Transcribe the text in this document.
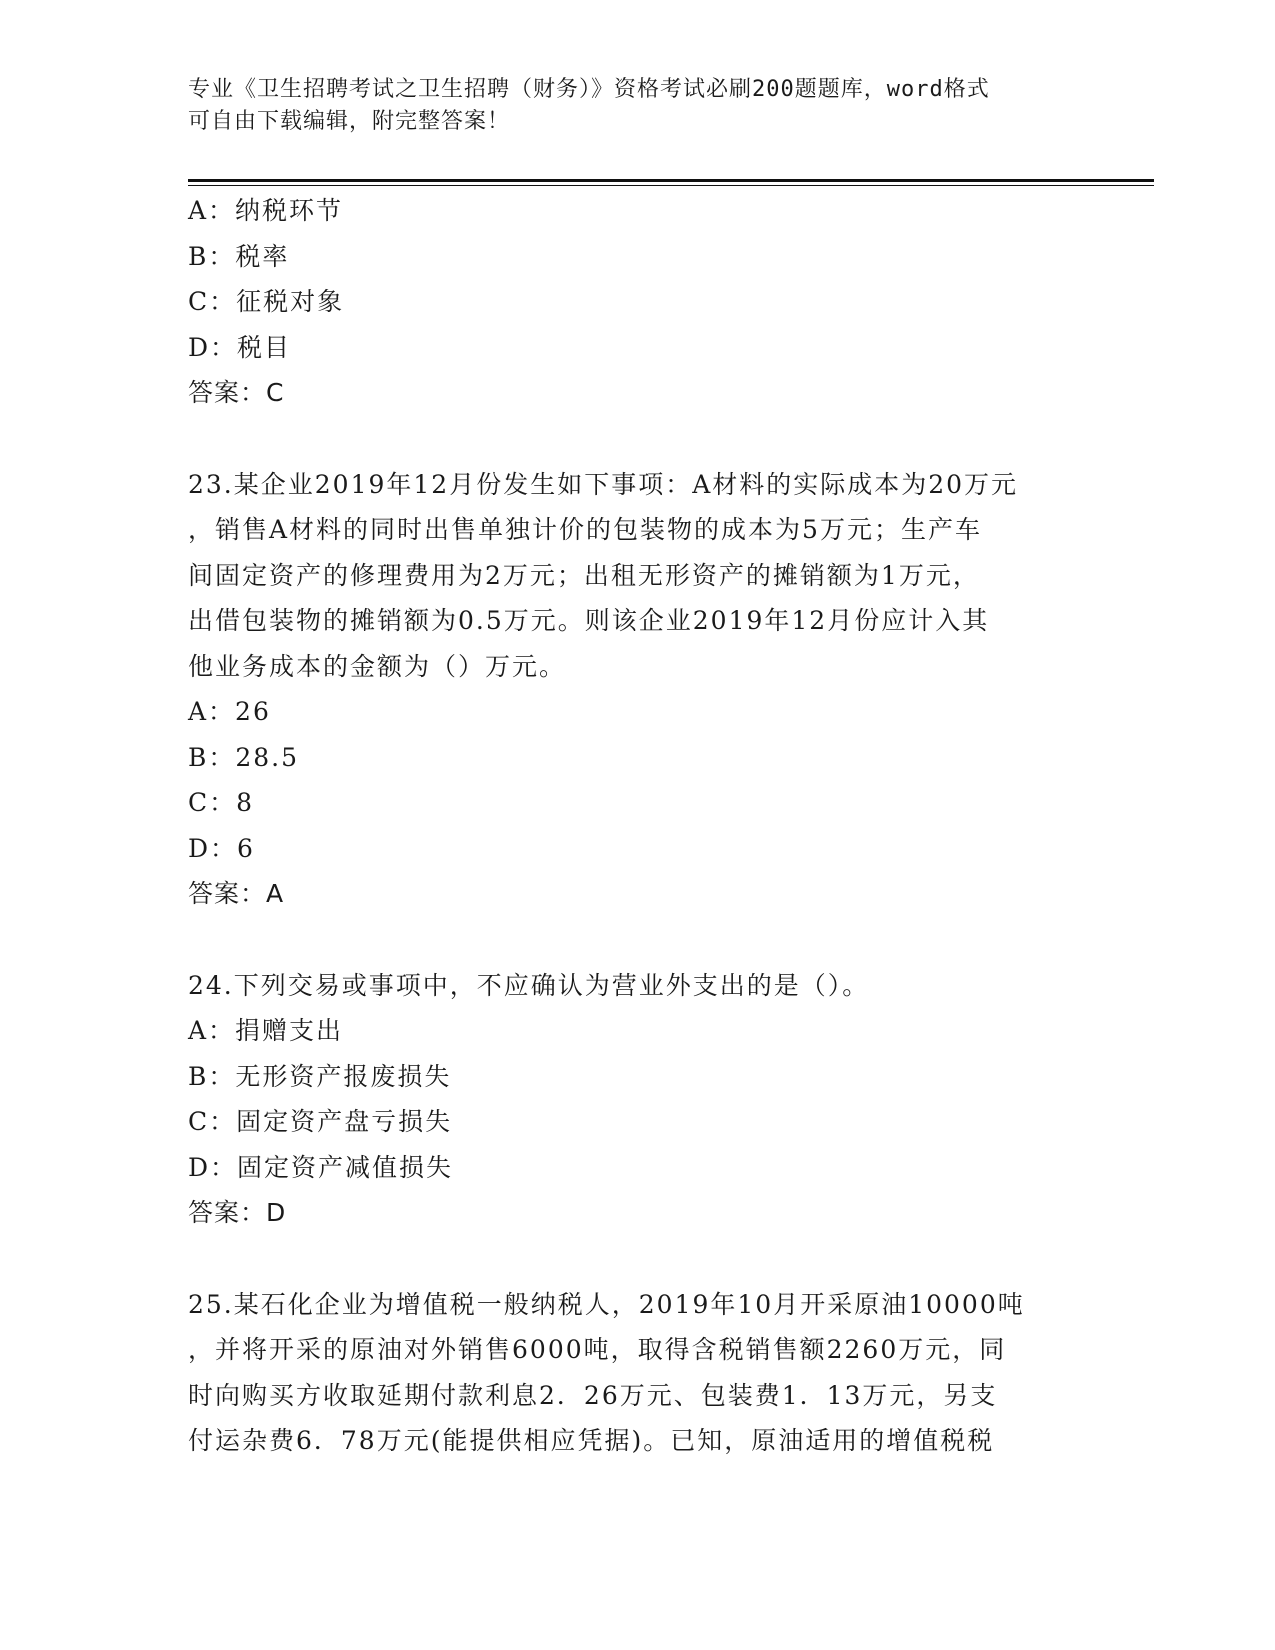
专业《卫生招聘考试之卫生招聘（财务）》资格考试必刷200题题库，word格式
可自由下载编辑，附完整答案！
A：纳税环节
B：税率
C：征税对象
D：税目
答案：C
23.某企业2019年12月份发生如下事项：A材料的实际成本为20万元
，销售A材料的同时出售单独计价的包装物的成本为5万元；生产车
间固定资产的修理费用为2万元；出租无形资产的摊销额为1万元，
出借包装物的摊销额为0.5万元。则该企业2019年12月份应计入其
他业务成本的金额为（）万元。
A：26
B：28.5
C：8
D：6
答案：A
24.下列交易或事项中，不应确认为营业外支出的是（）。
A：捐赠支出
B：无形资产报废损失
C：固定资产盘亏损失
D：固定资产减值损失
答案：D
25.某石化企业为增值税一般纳税人，2019年10月开采原油10000吨
，并将开采的原油对外销售6000吨，取得含税销售额2260万元，同
时向购买方收取延期付款利息2．26万元、包装费1．13万元，另支
付运杂费6．78万元(能提供相应凭据)。已知，原油适用的增值税税
